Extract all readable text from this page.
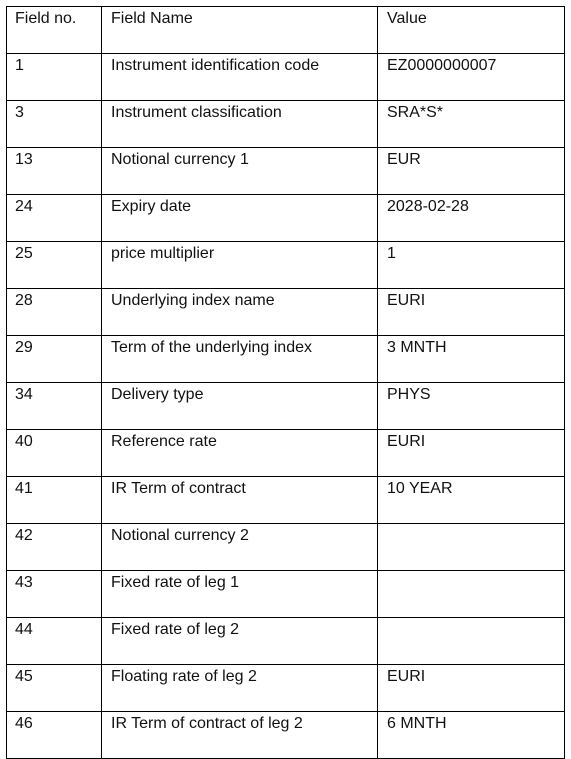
Field no.	Field Name	Value
1	Instrument identification code	EZ0000000007
3	Instrument classification	SRA*S*
13	Notional currency 1	EUR
24	Expiry date	2028-02-28
25	price multiplier	1
28	Underlying index name	EURI
29	Term of the underlying index	3 MNTH
34	Delivery type	PHYS
40	Reference rate	EURI
41	IR Term of contract	10 YEAR
42	Notional currency 2	
43	Fixed rate of leg 1	
44	Fixed rate of leg 2	
45	Floating rate of leg 2	EURI
46	IR Term of contract of leg 2	6 MNTH
